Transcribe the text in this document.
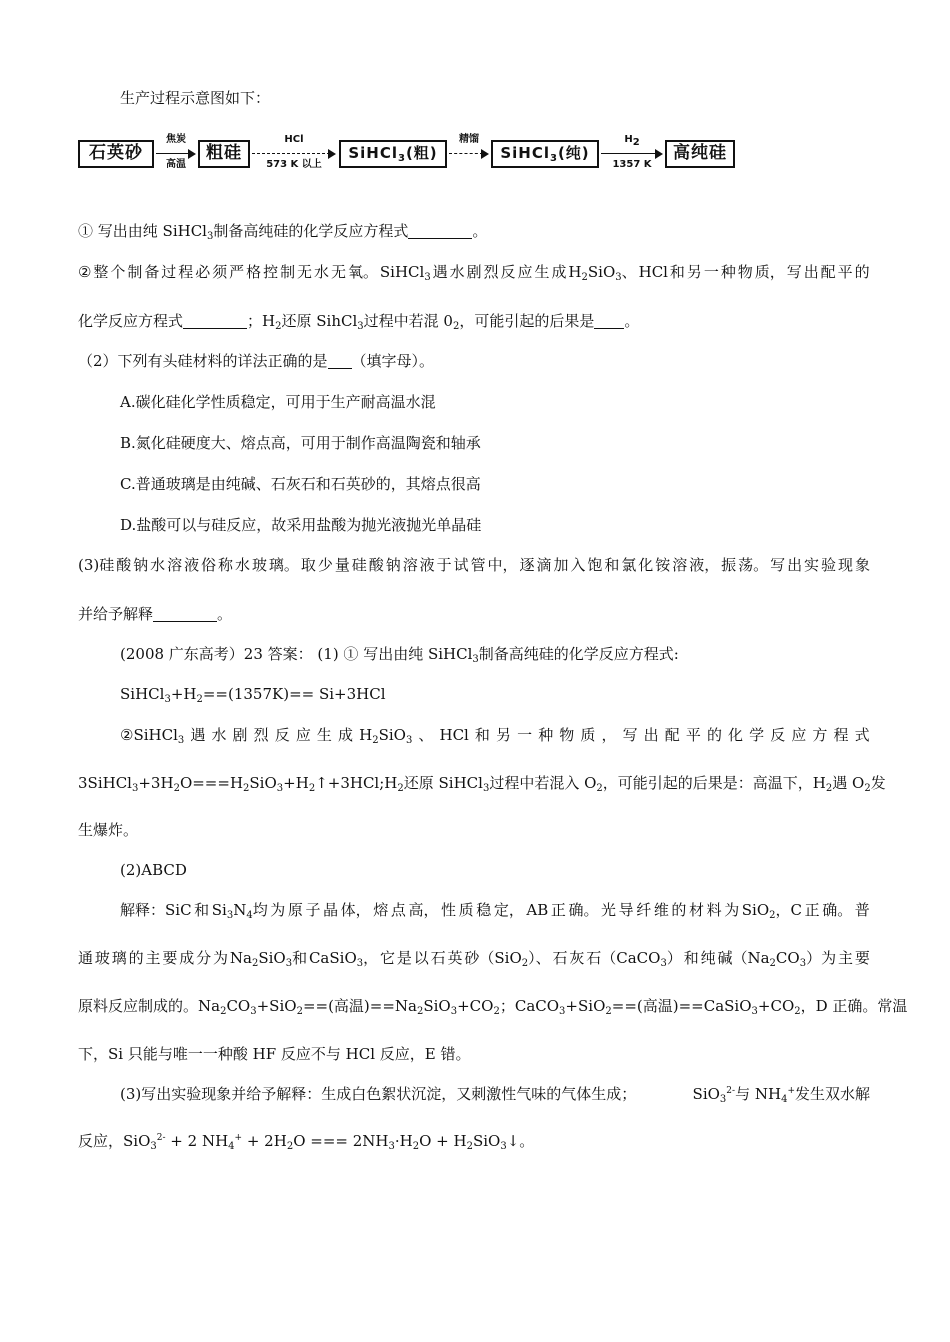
生产过程示意图如下：
石英砂
焦炭
高温
粗硅
HCl
573 K 以上
SiHCl$_3$(粗)
精馏
SiHCl$_3$(纯)
$H_2$
1357 K
高纯硅
① 写出由纯 SiHCl$_3$制备高纯硅的化学反应方程式	。
② 整 个 制 备 过 程 必 须 严 格 控 制 无 水 无 氧。 SiHCl$_3$ 遇 水 剧 烈 反 应 生 成 $H_2SiO_3$、 HCl 和 另 一 种 物 质， 写 出 配 平 的
化学反应方程式	；$H_2$还原 SihCl$_3$过程中若混 $0_2$，可能引起的后果是 。
（2）下列有头硅材料的详法正确的是 （填字母）。
A.碳化硅化学性质稳定，可用于生产耐高温水混
B.氮化硅硬度大、熔点高，可用于制作高温陶瓷和轴承
C.普通玻璃是由纯碱、石灰石和石英砂的，其熔点很高
D.盐酸可以与硅反应，故采用盐酸为抛光液抛光单晶硅
(3)硅 酸 钠 水 溶 液 俗 称 水 玻 璃。 取 少 量 硅 酸 钠 溶 液 于 试 管 中， 逐 滴 加 入 饱 和 氯 化 铵 溶 液， 振 荡。 写 出 实 验 现 象
并给予解释	。
(2008 广东高考）23 答案： (1) ① 写出由纯 SiHCl$_3$制备高纯硅的化学反应方程式:
$SiHCl_3+H_2==(1357K)== Si+3HCl$
②SiHCl$_3$ 遇 水 剧 烈 反 应 生 成 $H_2SiO_3$ 、 HCl 和 另 一 种 物 质 ， 写 出 配 平 的 化 学 反 应 方 程 式
$3SiHCl_3+3H_2O===H_2SiO_3+H_2↑+3HCl;H_2$还原 SiHCl$_3$过程中若混入 $O_2$，可能引起的后果是：高温下，$H_2$遇 $O_2$发
生爆炸。
(2)ABCD
解释：SiC 和 $Si_3N_4$均 为 原 子 晶 体， 熔 点 高， 性 质 稳 定， AB 正 确。 光 导 纤 维 的 材 料 为 SiO$_2$，C 正 确。 普
通 玻 璃 的 主 要 成 分 为 $Na_2SiO_3$和 CaSiO$_3$， 它 是 以 石 英 砂（SiO$_2$）、 石 灰 石（CaCO$_3$） 和 纯 碱$(Na_2CO_3)$为 主 要
原料反应制成的。$Na_2CO_3+SiO_2==$(高温)$==Na_2SiO_3+CO_2$； CaCO$_3$+SiO$_2$==(高温)$==CaSiO_3+CO_2$， D 正确。常温
下，Si 只能与唯一一种酸 HF 反应不与 HCl 反应，E 错。
(3)写出实验现象并给予解释：生成白色絮状沉淀，又刺激性气味的气体生成；	SiO$_3^{2-}$与 $NH_4^+$发生双水解
反应，SiO$_3^{2-}$ + 2 $NH_4^+ + 2H_2O$ === $2NH_3\cdot H_2O$ + $H_2SiO_3↓$。
